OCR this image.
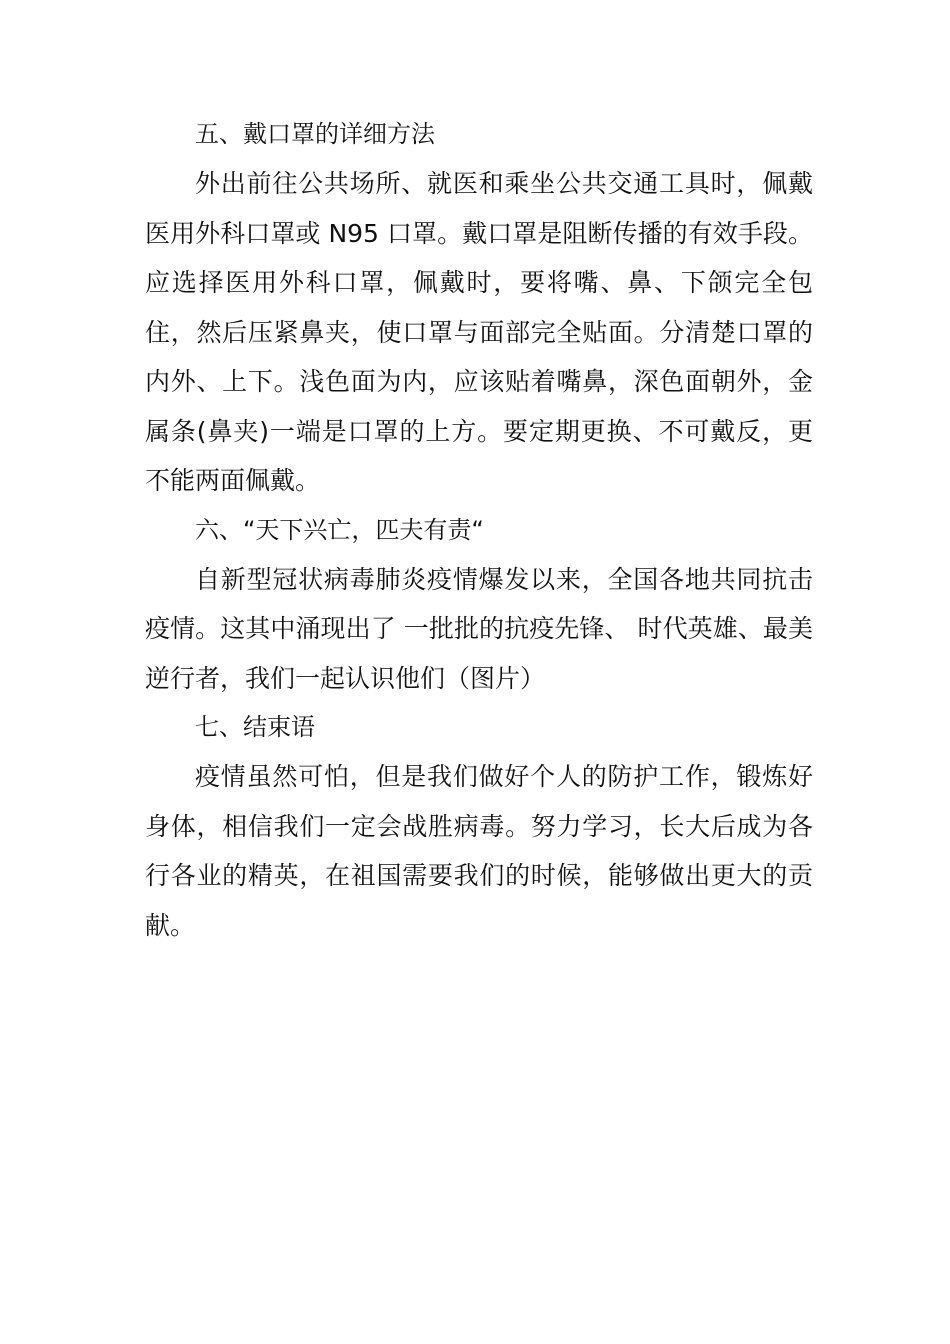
五、戴口罩的详细方法

外出前往公共场所、就医和乘坐公共交通工具时，佩戴医用外科口罩或 N95 口罩。戴口罩是阻断传播的有效手段。应选择医用外科口罩，佩戴时，要将嘴、鼻、下颌完全包住，然后压紧鼻夹，使口罩与面部完全贴面。分清楚口罩的内外、上下。浅色面为内，应该贴着嘴鼻，深色面朝外，金属条(鼻夹)一端是口罩的上方。要定期更换、不可戴反，更不能两面佩戴。

六、“天下兴亡，匹夫有责“

自新型冠状病毒肺炎疫情爆发以来，全国各地共同抗击疫情。这其中涌现出了 一批批的抗疫先锋、 时代英雄、最美逆行者，我们一起认识他们（图片）

七、结束语

疫情虽然可怕，但是我们做好个人的防护工作，锻炼好身体，相信我们一定会战胜病毒。努力学习，长大后成为各行各业的精英，在祖国需要我们的时候，能够做出更大的贡献。
